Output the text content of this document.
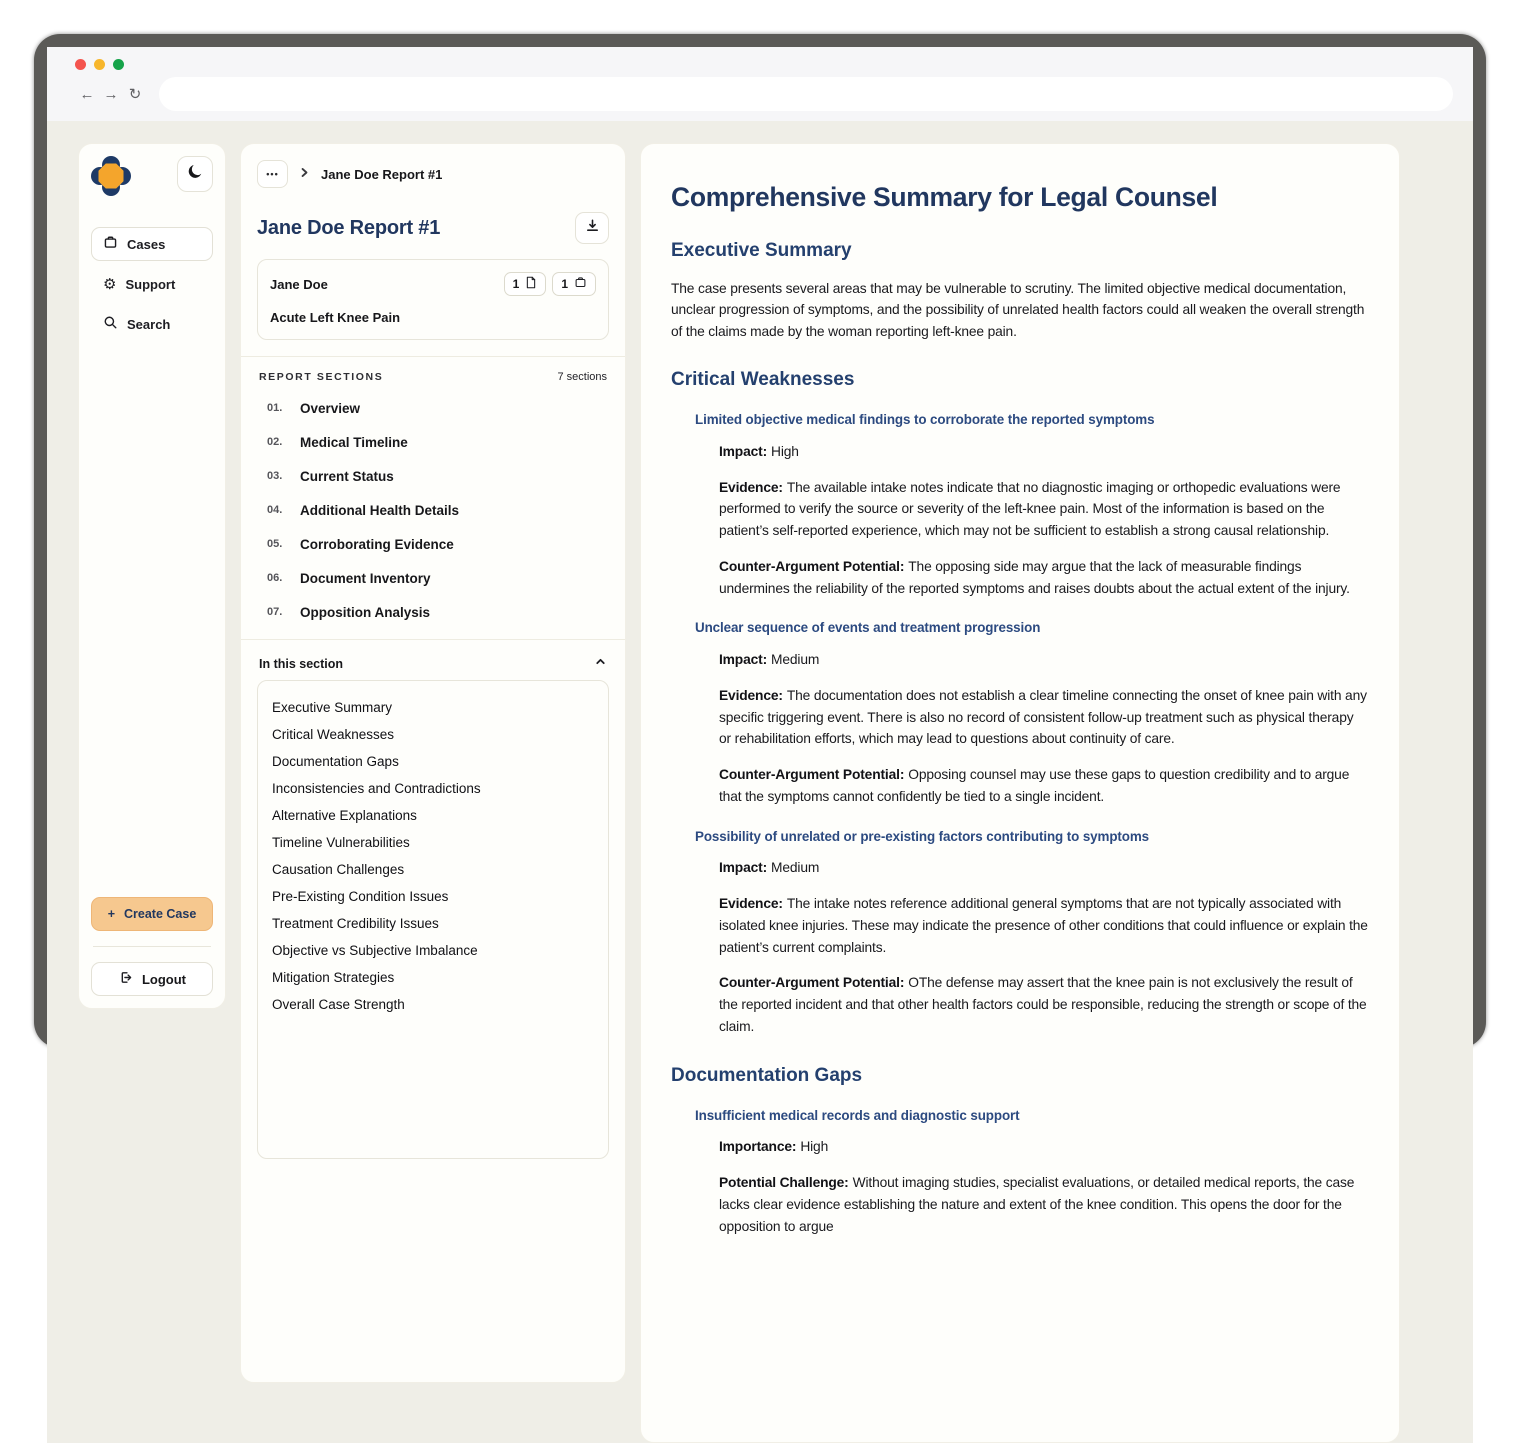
← → ↻
Cases
⚙ Support
Search
+ Create Case
Logout
•••	Jane Doe Report #1
Jane Doe Report #1
Jane Doe	1	1
Acute Left Knee Pain
REPORT SECTIONS	7 sections
01.	Overview
02.	Medical Timeline
03.	Current Status
04.	Additional Health Details
05.	Corroborating Evidence
06.	Document Inventory
07.	Opposition Analysis
In this section
Executive Summary
Critical Weaknesses
Documentation Gaps
Inconsistencies and Contradictions
Alternative Explanations
Timeline Vulnerabilities
Causation Challenges
Pre-Existing Condition Issues
Treatment Credibility Issues
Objective vs Subjective Imbalance
Mitigation Strategies
Overall Case Strength
Comprehensive Summary for Legal Counsel
Executive Summary

The case presents several areas that may be vulnerable to scrutiny. The limited objective medical documentation, unclear progression of symptoms, and the possibility of unrelated health factors could all weaken the overall strength of the claims made by the woman reporting left-knee pain.

Critical Weaknesses
Limited objective medical findings to corroborate the reported symptoms

Impact: High

Evidence: The available intake notes indicate that no diagnostic imaging or orthopedic evaluations were performed to verify the source or severity of the left-knee pain. Most of the information is based on the patient’s self-reported experience, which may not be sufficient to establish a strong causal relationship.

Counter-Argument Potential: The opposing side may argue that the lack of measurable findings undermines the reliability of the reported symptoms and raises doubts about the actual extent of the injury.

Unclear sequence of events and treatment progression

Impact: Medium

Evidence: The documentation does not establish a clear timeline connecting the onset of knee pain with any specific triggering event. There is also no record of consistent follow-up treatment such as physical therapy or rehabilitation efforts, which may lead to questions about continuity of care.

Counter-Argument Potential: Opposing counsel may use these gaps to question credibility and to argue that the symptoms cannot confidently be tied to a single incident.

Possibility of unrelated or pre-existing factors contributing to symptoms

Impact: Medium

Evidence: The intake notes reference additional general symptoms that are not typically associated with isolated knee injuries. These may indicate the presence of other conditions that could influence or explain the patient’s current complaints.

Counter-Argument Potential: OThe defense may assert that the knee pain is not exclusively the result of the reported incident and that other health factors could be responsible, reducing the strength or scope of the claim.

Documentation Gaps
Insufficient medical records and diagnostic support

Importance: High

Potential Challenge: Without imaging studies, specialist evaluations, or detailed medical reports, the case lacks clear evidence establishing the nature and extent of the knee condition. This opens the door for the opposition to argue
